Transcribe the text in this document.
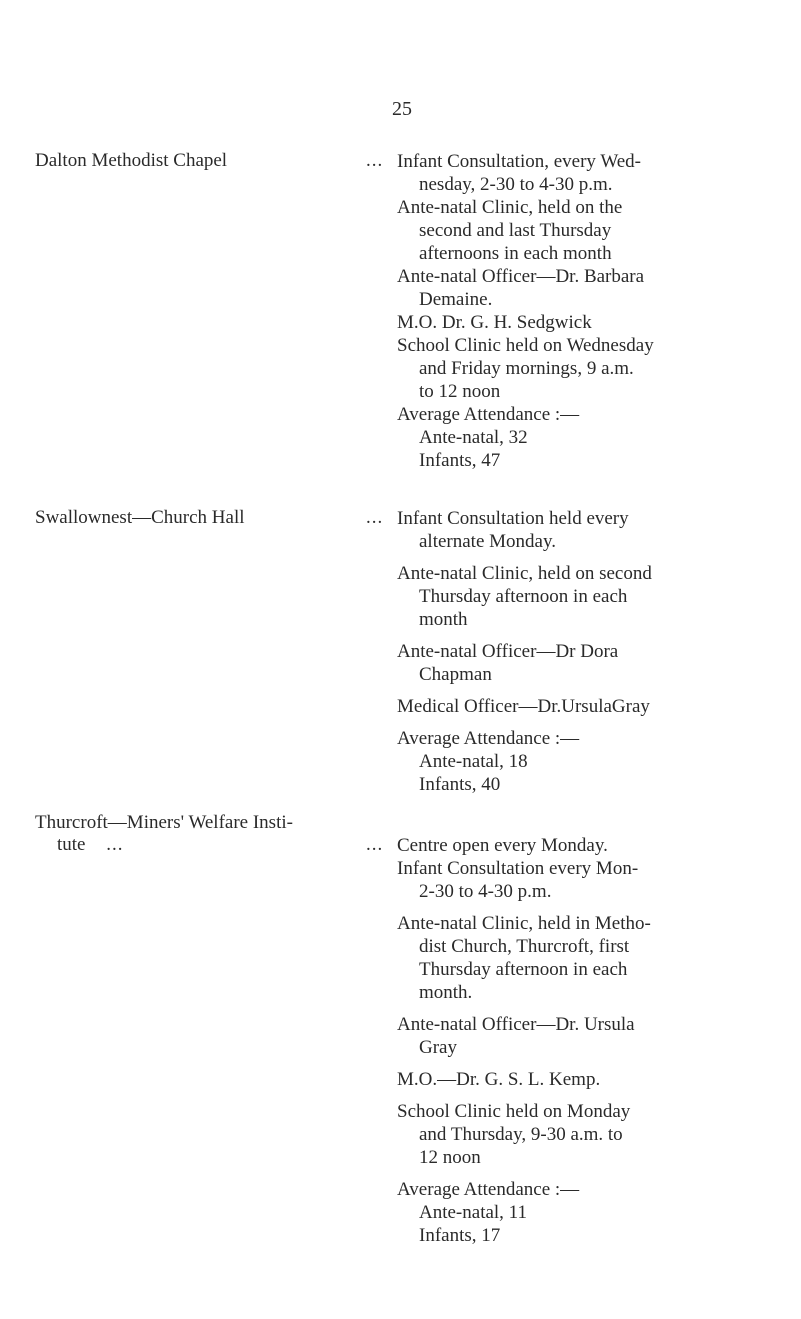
25
Dalton Methodist Chapel	... Infant Consultation, every Wed-
nesday, 2-30 to 4-30 p.m.
Ante-natal Clinic, held on the
second and last Thursday
afternoons in each month
Ante-natal Officer—Dr. Barbara
Demaine.
M.O. Dr. G. H. Sedgwick
School Clinic held on Wednesday
and Friday mornings, 9 a.m.
to 12 noon
Average Attendance :—
Ante-natal, 32
Infants, 47
Swallownest—Church Hall	... Infant Consultation held every
alternate Monday.
Ante-natal Clinic, held on second
Thursday afternoon in each
month
Ante-natal Officer—Dr Dora
Chapman
Medical Officer—Dr.UrsulaGray
Average Attendance :—
Ante-natal, 18
Infants, 40
Thurcroft—Miners' Welfare Insti-
tute ...	... Centre open every Monday.
Infant Consultation every Mon-
2-30 to 4-30 p.m.
Ante-natal Clinic, held in Metho-
dist Church, Thurcroft, first
Thursday afternoon in each
month.
Ante-natal Officer—Dr. Ursula
Gray
M.O.—Dr. G. S. L. Kemp.
School Clinic held on Monday
and Thursday, 9-30 a.m. to
12 noon
Average Attendance :—
Ante-natal, 11
Infants, 17
